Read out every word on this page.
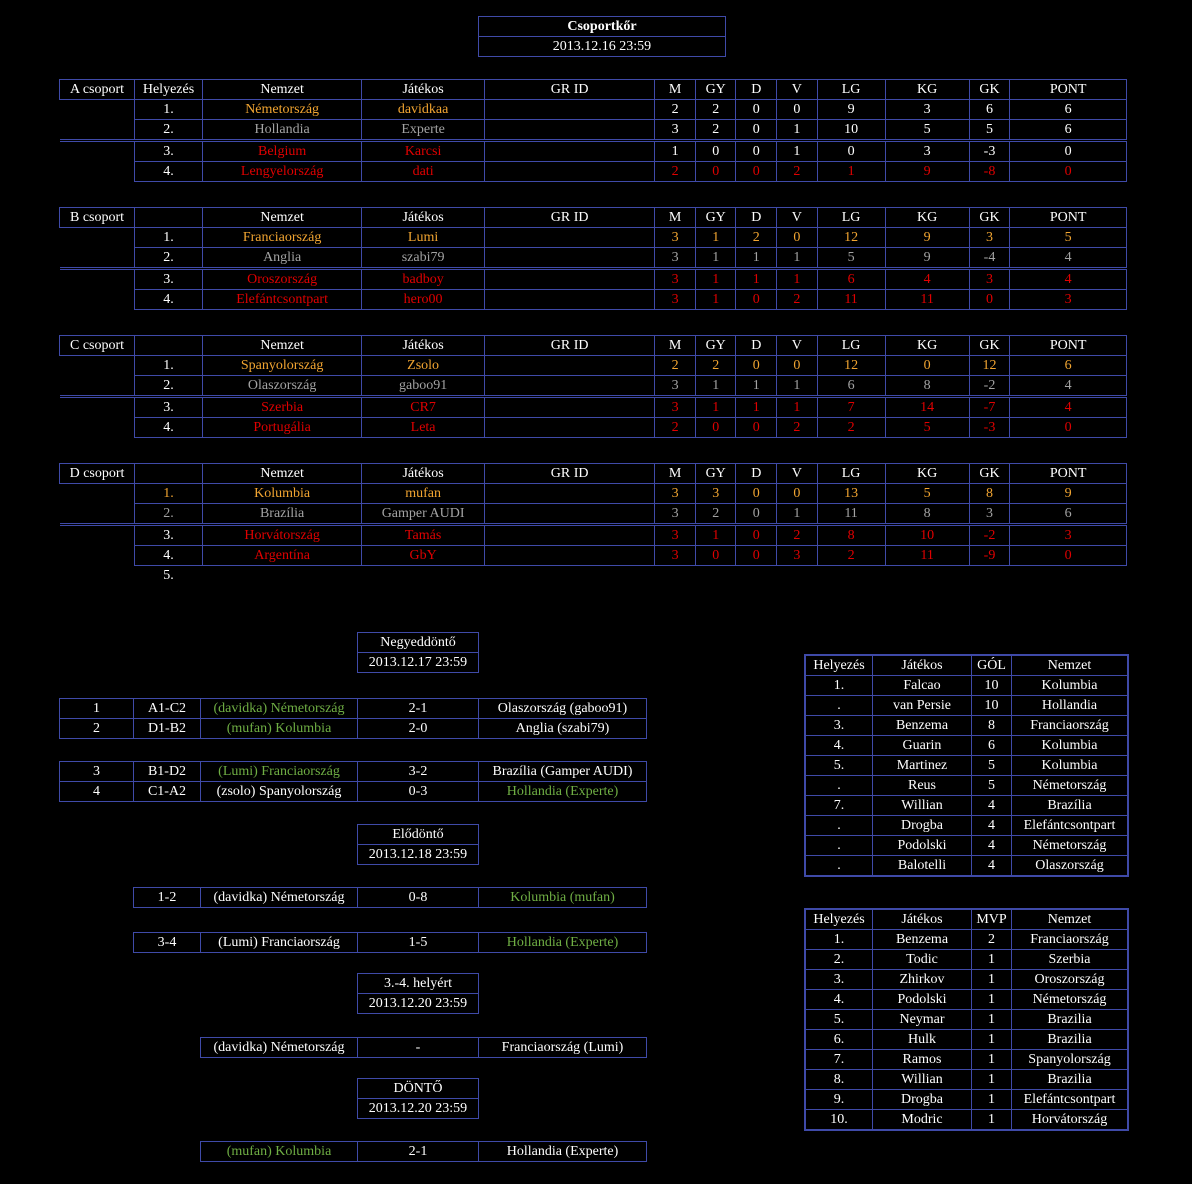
Csoportkőr
2013.12.16 23:59
A csoport	Helyezés	Nemzet	Játékos	GR ID	M	GY	D	V	LG	KG	GK	PONT
	1.	Németország	davidkaa		2	2	0	0	9	3	6	6
	2.	Hollandia	Experte		3	2	0	1	10	5	5	6
	3.	Belgium	Karcsi		1	0	0	1	0	3	-3	0
	4.	Lengyelország	dati		2	0	0	2	1	9	-8	0
B csoport		Nemzet	Játékos	GR ID	M	GY	D	V	LG	KG	GK	PONT
	1.	Franciaország	Lumi		3	1	2	0	12	9	3	5
	2.	Anglia	szabi79		3	1	1	1	5	9	-4	4
	3.	Oroszország	badboy		3	1	1	1	6	4	3	4
	4.	Elefántcsontpart	hero00		3	1	0	2	11	11	0	3
C csoport		Nemzet	Játékos	GR ID	M	GY	D	V	LG	KG	GK	PONT
	1.	Spanyolország	Zsolo		2	2	0	0	12	0	12	6
	2.	Olaszország	gaboo91		3	1	1	1	6	8	-2	4
	3.	Szerbia	CR7		3	1	1	1	7	14	-7	4
	4.	Portugália	Leta		2	0	0	2	2	5	-3	0
D csoport		Nemzet	Játékos	GR ID	M	GY	D	V	LG	KG	GK	PONT
	1.	Kolumbia	mufan		3	3	0	0	13	5	8	9
	2.	Brazília	Gamper AUDI		3	2	0	1	11	8	3	6
	3.	Horvátország	Tamás		3	1	0	2	8	10	-2	3
	4.	Argentína	GbY		3	0	0	3	2	11	-9	0
	5.											
Negyeddöntő
2013.12.17 23:59
1	A1-C2	(davidka) Németország	2-1	Olaszország (gaboo91)
2	D1-B2	(mufan) Kolumbia	2-0	Anglia (szabi79)
3	B1-D2	(Lumi) Franciaország	3-2	Brazília (Gamper AUDI)
4	C1-A2	(zsolo) Spanyolország	0-3	Hollandia (Experte)
Elődöntő
2013.12.18 23:59
1-2	(davidka) Németország	0-8	Kolumbia (mufan)
3-4	(Lumi) Franciaország	1-5	Hollandia (Experte)
3.-4. helyért
2013.12.20 23:59
(davidka) Németország	-	Franciaország (Lumi)
DÖNTŐ
2013.12.20 23:59
(mufan) Kolumbia	2-1	Hollandia (Experte)
Helyezés	Játékos	GÓL	Nemzet
1.	Falcao	10	Kolumbia
.	van Persie	10	Hollandia
3.	Benzema	8	Franciaország
4.	Guarin	6	Kolumbia
5.	Martinez	5	Kolumbia
.	Reus	5	Németország
7.	Willian	4	Brazília
.	Drogba	4	Elefántcsontpart
.	Podolski	4	Németország
.	Balotelli	4	Olaszország
Helyezés	Játékos	MVP	Nemzet
1.	Benzema	2	Franciaország
2.	Todic	1	Szerbia
3.	Zhirkov	1	Oroszország
4.	Podolski	1	Németország
5.	Neymar	1	Brazilia
6.	Hulk	1	Brazilia
7.	Ramos	1	Spanyolország
8.	Willian	1	Brazilia
9.	Drogba	1	Elefántcsontpart
10.	Modric	1	Horvátország
